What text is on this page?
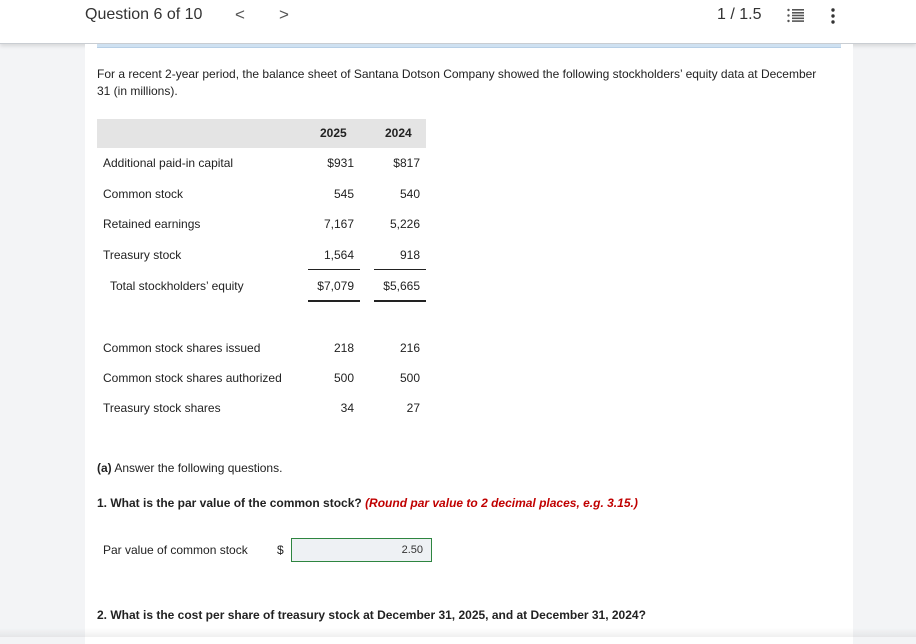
Question 6 of 10 < >	1 / 1.5
For a recent 2-year period, the balance sheet of Santana Dotson Company showed the following stockholders’ equity data at December 31 (in millions).
2025	2024
Additional paid-in capital	$931	$817
Common stock	545	540
Retained earnings	7,167	5,226
Treasury stock	1,564	918
Total stockholders’ equity	$7,079	$5,665
Common stock shares issued	218	216
Common stock shares authorized	500	500
Treasury stock shares	34	27
(a) Answer the following questions.
1. What is the par value of the common stock? (Round par value to 2 decimal places, e.g. 3.15.)
Par value of common stock $
2.50
2. What is the cost per share of treasury stock at December 31, 2025, and at December 31, 2024?
